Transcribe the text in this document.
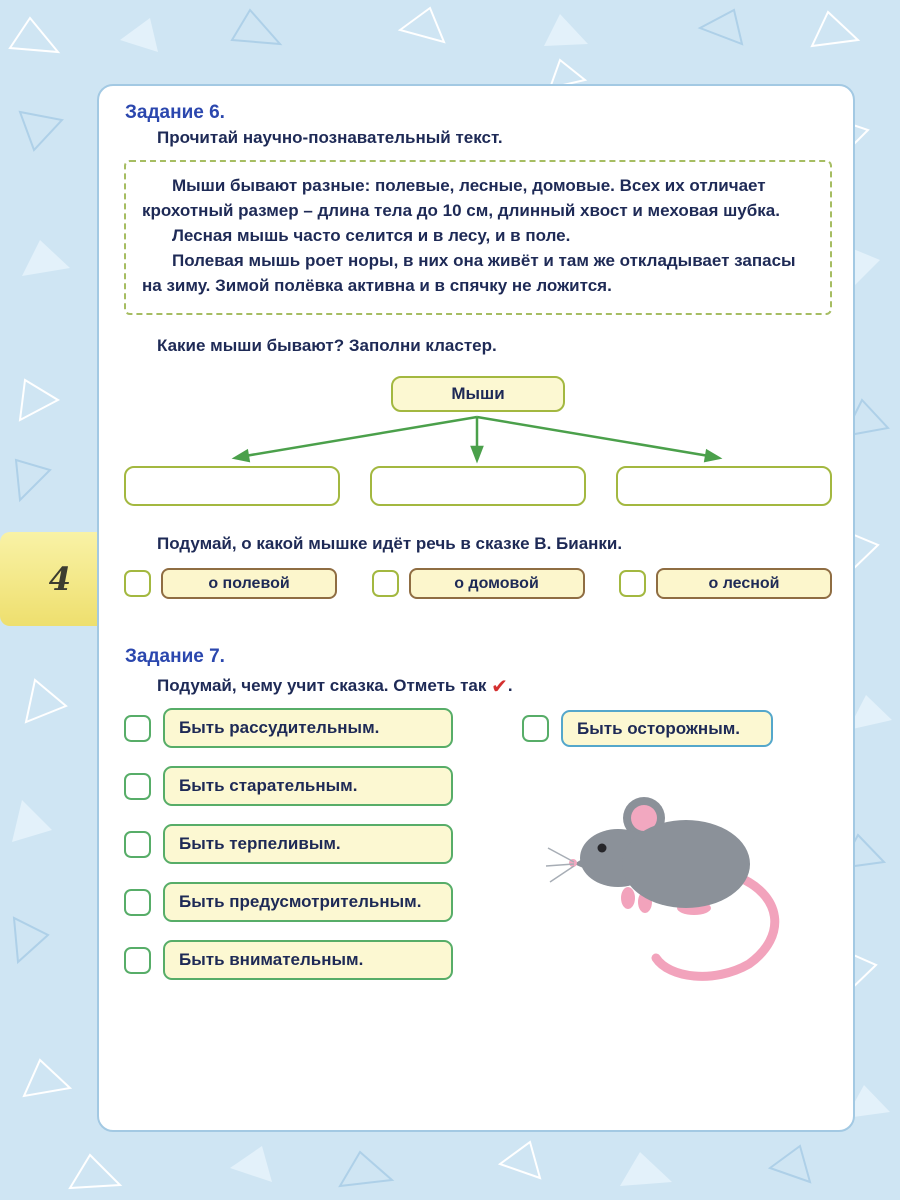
4
Задание 6.
Прочитай научно-познавательный текст.

Мыши бывают разные: полевые, лесные, домовые. Всех их отличает крохотный размер – длина тела до 10 см, длинный хвост и меховая шубка.

Лесная мышь часто селится и в лесу, и в поле.

Полевая мышь роет норы, в них она живёт и там же откладывает запасы на зиму. Зимой полёвка активна и в спячку не ложится.

Какие мыши бывают? Заполни кластер.
Мыши
Подумай, о какой мышке идёт речь в сказке В. Бианки.
о полевой	о домовой	о лесной
Задание 7.
Подумай, чему учит сказка. Отметь так ✔.
Быть рассудительным.
Быть старательным.
Быть терпеливым.
Быть предусмотрительным.
Быть внимательным.
Быть осторожным.
